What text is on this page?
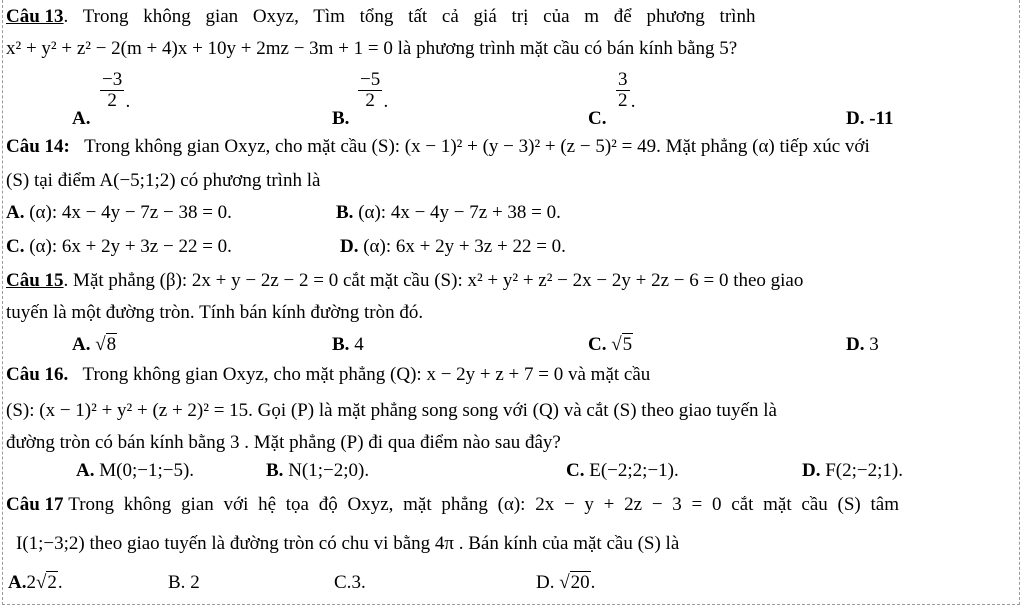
Câu 13. Trong không gian Oxyz, Tìm tổng tất cả giá trị của m để phương trình
x² + y² + z² − 2(m + 4)x + 10y + 2mz − 3m + 1 = 0 là phương trình mặt cầu có bán kính bằng 5?
A.
−3
2 .
B.
−5
2 .
C.
3
2 .
D. -11
Câu 14: Trong không gian Oxyz, cho mặt cầu (S): (x − 1)² + (y − 3)² + (z − 5)² = 49. Mặt phẳng (α) tiếp xúc với
(S) tại điểm A(−5;1;2) có phương trình là
A. (α): 4x − 4y − 7z − 38 = 0.	B. (α): 4x − 4y − 7z + 38 = 0.
C. (α): 6x + 2y + 3z − 22 = 0.	D. (α): 6x + 2y + 3z + 22 = 0.
Câu 15. Mặt phẳng (β): 2x + y − 2z − 2 = 0 cắt mặt cầu (S): x² + y² + z² − 2x − 2y + 2z − 6 = 0 theo giao
tuyến là một đường tròn. Tính bán kính đường tròn đó.
A. √8	B. 4	C. √5	D. 3
Câu 16. Trong không gian Oxyz, cho mặt phẳng (Q): x − 2y + z + 7 = 0 và mặt cầu
(S): (x − 1)² + y² + (z + 2)² = 15. Gọi (P) là mặt phẳng song song với (Q) và cắt (S) theo giao tuyến là
đường tròn có bán kính bằng 3 . Mặt phẳng (P) đi qua điểm nào sau đây?
A. M(0;−1;−5).	B. N(1;−2;0).	C. E(−2;2;−1).	D. F(2;−2;1).
Câu 17 Trong không gian với hệ tọa độ Oxyz, mặt phẳng (α): 2x − y + 2z − 3 = 0 cắt mặt cầu (S) tâm
I(1;−3;2) theo giao tuyến là đường tròn có chu vi bằng 4π . Bán kính của mặt cầu (S) là
A.2√2.	B. 2	C.3.	D. √20.
